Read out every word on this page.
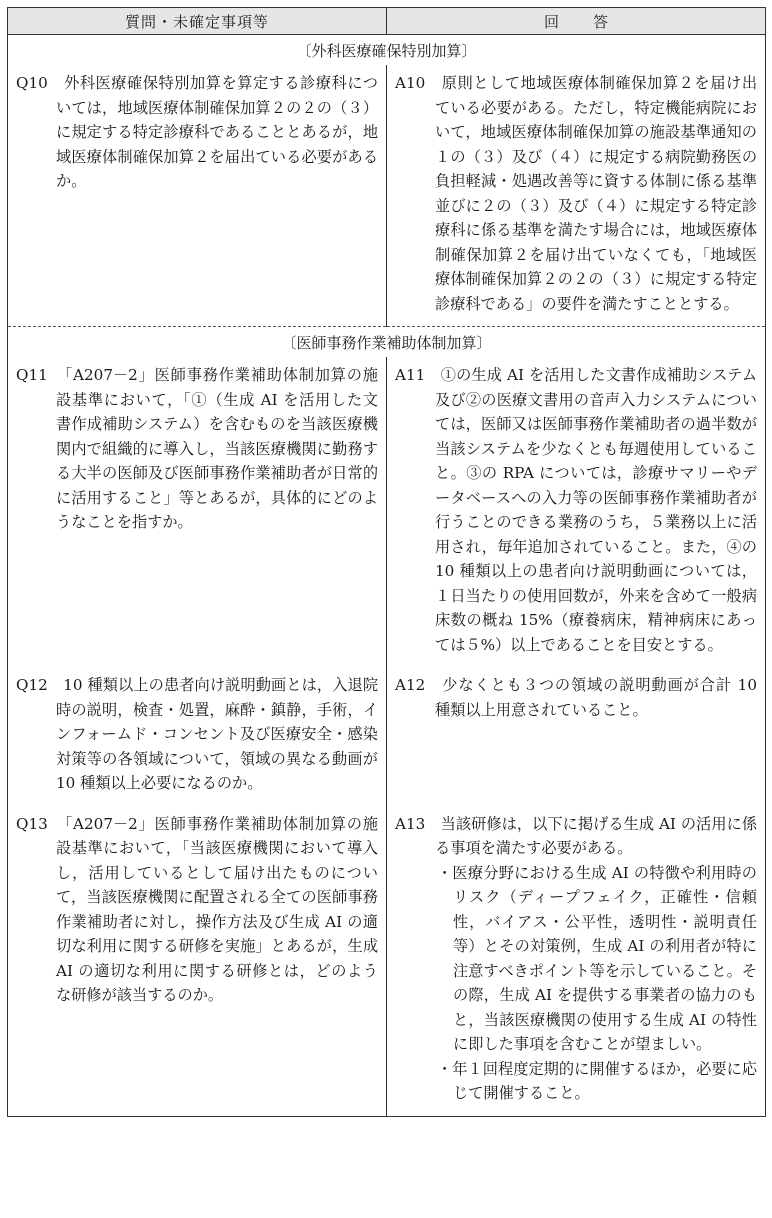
質問・未確定事項等	回答
〔外科医療確保特別加算〕	

Q10　 外科医療確保特別加算を算定する診療科については，地域医療体制確保加算２の２の（３）に規定する特定診療科であることとあるが，地域医療体制確保加算２を届出ている必要があるか。	A10　 原則として地域医療体制確保加算２を届け出ている必要がある。ただし，特定機能病院において，地域医療体制確保加算の施設基準通知の１の（３）及び（４）に規定する病院勤務医の負担軽減・処遇改善等に資する体制に係る基準並びに２の（３）及び（４）に規定する特定診療科に係る基準を満たす場合には，地域医療体制確保加算２を届け出ていなくても，「地域医療体制確保加算２の２の（３）に規定する特定診療科である」の要件を満たすこととする。

〔医師事務作業補助体制加算〕	

Q11　 「A207－2」医師事務作業補助体制加算の施設基準において，「①（生成 AI を活用した文書作成補助システム）を含むものを当該医療機関内で組織的に導入し，当該医療機関に勤務する大半の医師及び医師事務作業補助者が日常的に活用すること」等とあるが，具体的にどのようなことを指すか。	A11　 ①の生成 AI を活用した文書作成補助システム及び②の医療文書用の音声入力システムについては，医師又は医師事務作業補助者の過半数が当該システムを少なくとも毎週使用していること。③の RPA については，診療サマリーやデータベースへの入力等の医師事務作業補助者が行うことのできる業務のうち，５業務以上に活用され，毎年追加されていること。また，④の 10 種類以上の患者向け説明動画については，１日当たりの使用回数が，外来を含めて一般病床数の概ね 15%（療養病床，精神病床にあっては５%）以上であることを目安とする。

Q12　 10 種類以上の患者向け説明動画とは，入退院時の説明，検査・処置，麻酔・鎮静，手術，インフォームド・コンセント及び医療安全・感染対策等の各領域について，領域の異なる動画が 10 種類以上必要になるのか。	A12　 少なくとも３つの領域の説明動画が合計 10 種類以上用意されていること。

Q13　 「A207－2」医師事務作業補助体制加算の施設基準において，「当該医療機関において導入し，活用しているとして届け出たものについて，当該医療機関に配置される全ての医師事務作業補助者に対し，操作方法及び生成 AI の適切な利用に関する研修を実施」とあるが，生成 AI の適切な利用に関する研修とは，どのような研修が該当するのか。	A13　 当該研修は，以下に掲げる生成 AI の活用に係る事項を満たす必要がある。
・医療分野における生成 AI の特徴や利用時のリスク（ディープフェイク，正確性・信頼性，バイアス・公平性，透明性・説明責任等）とその対策例，生成 AI の利用者が特に注意すべきポイント等を示していること。その際，生成 AI を提供する事業者の協力のもと，当該医療機関の使用する生成 AI の特性に即した事項を含むことが望ましい。
・年１回程度定期的に開催するほか，必要に応じて開催すること。
